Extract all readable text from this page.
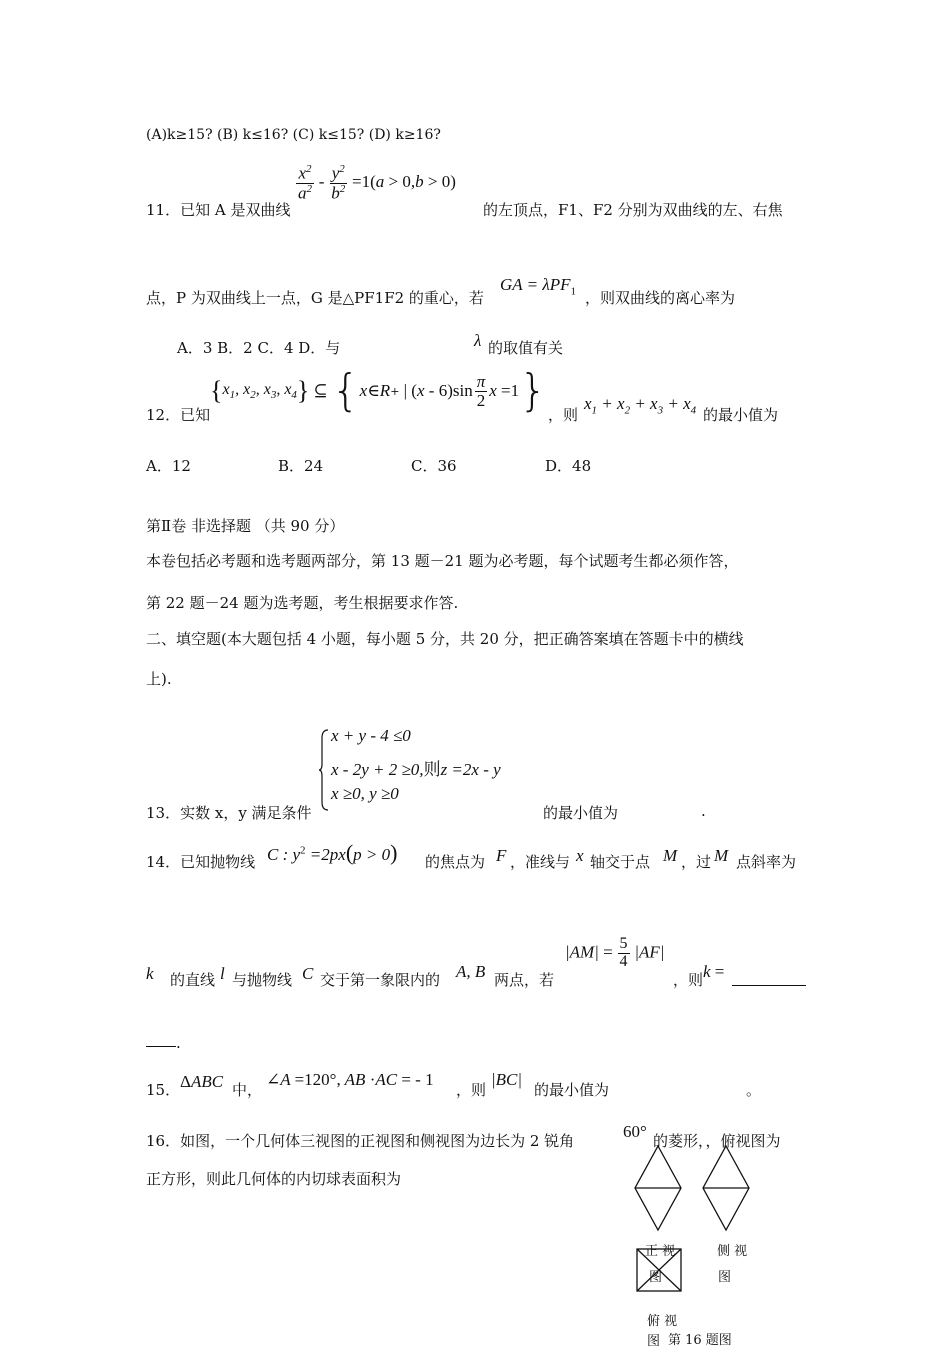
(A)k≥15? (B) k≤16? (C) k≤15? (D) k≥16?
11．已知 A 是双曲线
$\frac{x^2}{a^2} - \frac{y^2}{b^2} =1(a > 0,b > 0)$
的左顶点，F1、F2 分别为双曲线的左、右焦
点，P 为双曲线上一点，G 是△PF1F2 的重心，若
GA = λPF$_1$ ，则双曲线的离心率为
A．3 B．2 C．4 D．与	λ 的取值有关
12．已知
{ $x_1$, $x_2$, $x_3$, $x_4$ } ⊆ { x ∈ R + | $(x - 6)\sin \frac{\pi}{2}$ x =1 } ，则
$x_1 + x_2 + x_3 + x_4$ 的最小值为
A．12	B．24	C．36	D．48
第Ⅱ卷 非选择题 （共 90 分）
本卷包括必考题和选考题两部分，第 13 题－21 题为必考题，每个试题考生都必须作答，
第 22 题－24 题为选考题，考生根据要求作答.
二、填空题(本大题包括 4 小题，每小题 5 分，共 20 分，把正确答案填在答题卡中的横线
上).
13．实数 x，y 满足条件
x + y - 4 ≤0
x - 2y + 2 ≥0,则z =2x - y
x ≥0, y ≥0
的最小值为	.
14．已知抛物线 C : $y^2 =2px(p > 0)$ 的焦点为 F ，准线与 x 轴交于点 M ，过 M 点斜率为
k 的直线 l 与抛物线 C 交于第一象限内的 A, B 两点，若
$|AM| = \frac{5}{4} |AF|$
，则 k =
.
15． ΔABC 中，
∠A =120°, AB ·AC = - 1
，则
|BC|
的最小值为	。
16．如图，一个几何体三视图的正视图和侧视图为边长为 2 锐角	60° 的菱形，，俯视图为
正方形，则此几何体的内切球表面积为
正 视
图
侧 视
图
俯 视
图 第 16 题图
